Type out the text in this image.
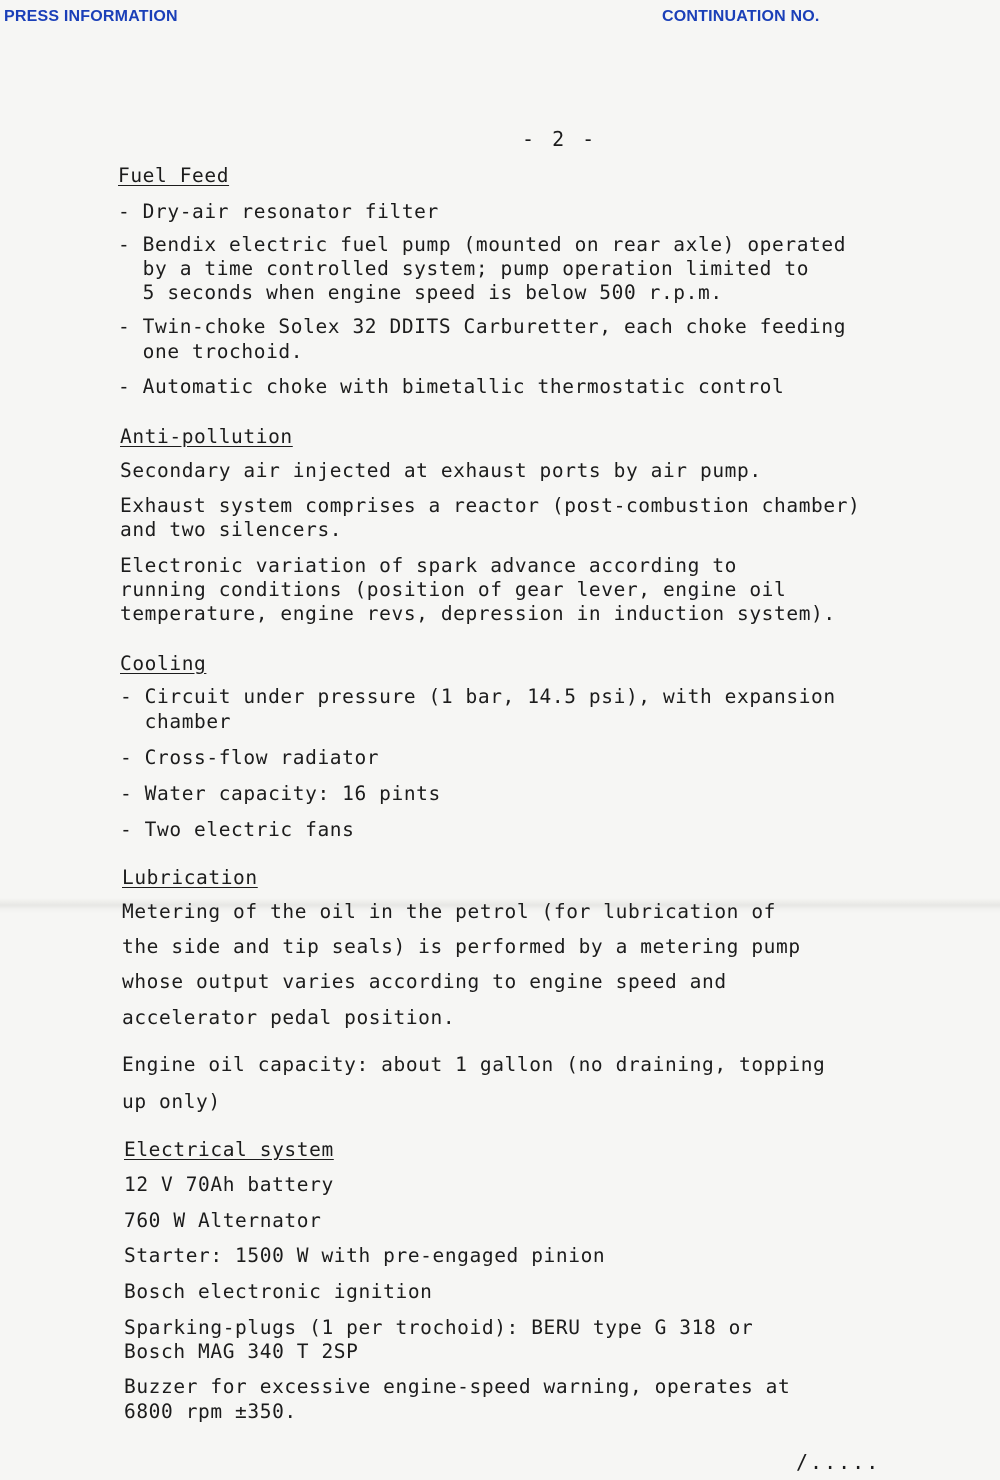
PRESS INFORMATION	CONTINUATION NO.
- 2 -
Fuel Feed
- Dry-air resonator filter
- Bendix electric fuel pump (mounted on rear axle) operated
by a time controlled system; pump operation limited to
5 seconds when engine speed is below 500 r.p.m.
- Twin-choke Solex 32 DDITS Carburetter, each choke feeding
one trochoid.
- Automatic choke with bimetallic thermostatic control
Anti-pollution
Secondary air injected at exhaust ports by air pump.
Exhaust system comprises a reactor (post-combustion chamber)
and two silencers.
Electronic variation of spark advance according to
running conditions (position of gear lever, engine oil
temperature, engine revs, depression in induction system).
Cooling
- Circuit under pressure (1 bar, 14.5 psi), with expansion
chamber
- Cross-flow radiator
- Water capacity: 16 pints
- Two electric fans
Lubrication
Metering of the oil in the petrol (for lubrication of
the side and tip seals) is performed by a metering pump
whose output varies according to engine speed and
accelerator pedal position.
Engine oil capacity: about 1 gallon (no draining, topping
up only)
Electrical system
12 V 70Ah battery
760 W Alternator
Starter: 1500 W with pre-engaged pinion
Bosch electronic ignition
Sparking-plugs (1 per trochoid): BERU type G 318 or
Bosch MAG 340 T 2SP
Buzzer for excessive engine-speed warning, operates at
6800 rpm ±350.
/.....
